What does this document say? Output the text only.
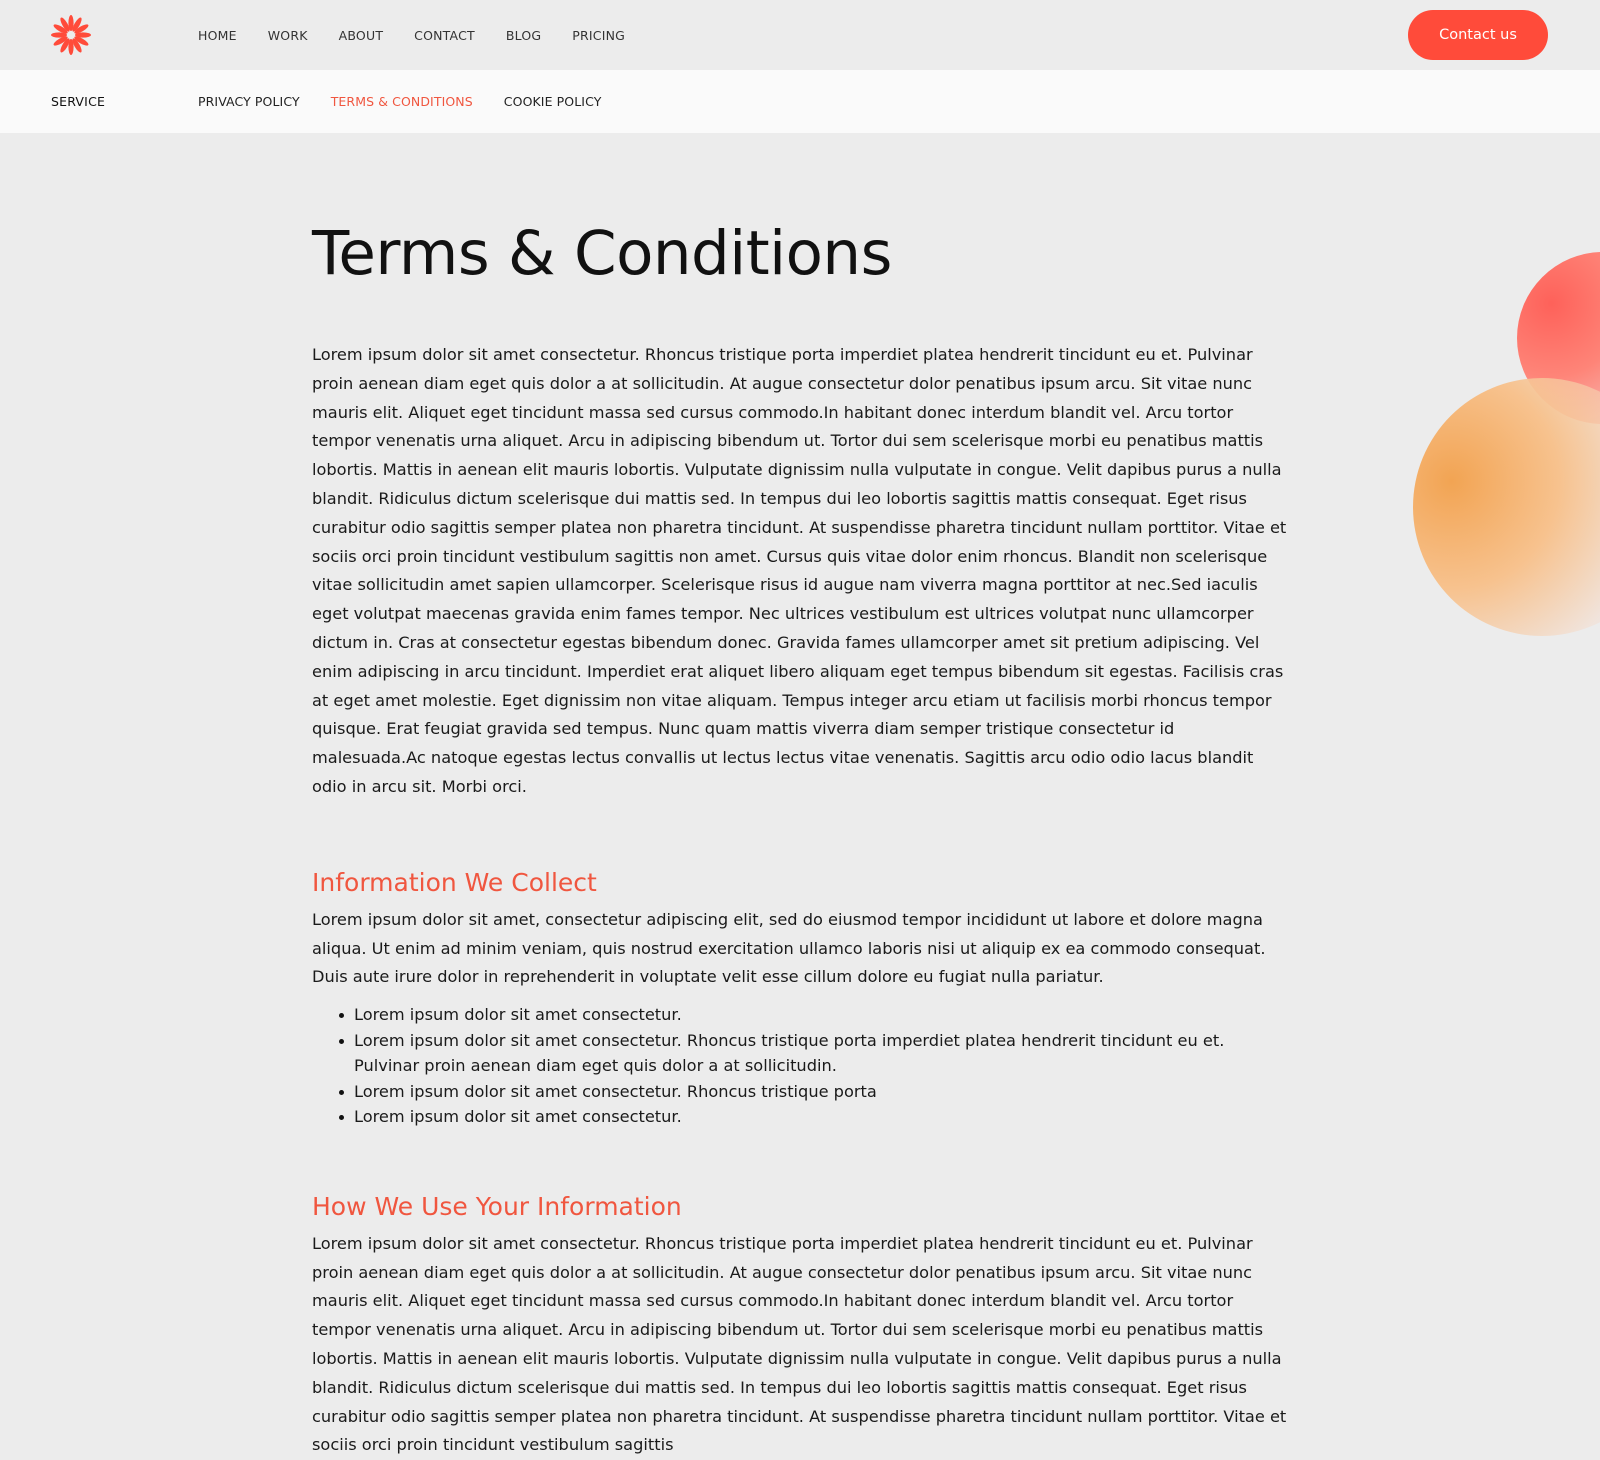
HOME WORK ABOUT CONTACT BLOG PRICING	Contact us
SERVICE	PRIVACY POLICY TERMS & CONDITIONS COOKIE POLICY
Terms & Conditions

Lorem ipsum dolor sit amet consectetur. Rhoncus tristique porta imperdiet platea hendrerit tincidunt eu et. Pulvinar proin aenean diam eget quis dolor a at sollicitudin. At augue consectetur dolor penatibus ipsum arcu. Sit vitae nunc mauris elit. Aliquet eget tincidunt massa sed cursus commodo.In habitant donec interdum blandit vel. Arcu tortor tempor venenatis urna aliquet. Arcu in adipiscing bibendum ut. Tortor dui sem scelerisque morbi eu penatibus mattis lobortis. Mattis in aenean elit mauris lobortis. Vulputate dignissim nulla vulputate in congue. Velit dapibus purus a nulla blandit. Ridiculus dictum scelerisque dui mattis sed. In tempus dui leo lobortis sagittis mattis consequat. Eget risus curabitur odio sagittis semper platea non pharetra tincidunt. At suspendisse pharetra tincidunt nullam porttitor. Vitae et sociis orci proin tincidunt vestibulum sagittis non amet. Cursus quis vitae dolor enim rhoncus. Blandit non scelerisque vitae sollicitudin amet sapien ullamcorper. Scelerisque risus id augue nam viverra magna porttitor at nec.Sed iaculis eget volutpat maecenas gravida enim fames tempor. Nec ultrices vestibulum est ultrices volutpat nunc ullamcorper dictum in. Cras at consectetur egestas bibendum donec. Gravida fames ullamcorper amet sit pretium adipiscing. Vel enim adipiscing in arcu tincidunt. Imperdiet erat aliquet libero aliquam eget tempus bibendum sit egestas. Facilisis cras at eget amet molestie. Eget dignissim non vitae aliquam. Tempus integer arcu etiam ut facilisis morbi rhoncus tempor quisque. Erat feugiat gravida sed tempus. Nunc quam mattis viverra diam semper tristique consectetur id malesuada.Ac natoque egestas lectus convallis ut lectus lectus vitae venenatis. Sagittis arcu odio odio lacus blandit odio in arcu sit. Morbi orci.

Information We Collect

Lorem ipsum dolor sit amet, consectetur adipiscing elit, sed do eiusmod tempor incididunt ut labore et dolore magna aliqua. Ut enim ad minim veniam, quis nostrud exercitation ullamco laboris nisi ut aliquip ex ea commodo consequat. Duis aute irure dolor in reprehenderit in voluptate velit esse cillum dolore eu fugiat nulla pariatur.

Lorem ipsum dolor sit amet consectetur.
Lorem ipsum dolor sit amet consectetur. Rhoncus tristique porta imperdiet platea hendrerit tincidunt eu et. Pulvinar proin aenean diam eget quis dolor a at sollicitudin.
Lorem ipsum dolor sit amet consectetur. Rhoncus tristique porta
Lorem ipsum dolor sit amet consectetur.
How We Use Your Information

Lorem ipsum dolor sit amet consectetur. Rhoncus tristique porta imperdiet platea hendrerit tincidunt eu et. Pulvinar proin aenean diam eget quis dolor a at sollicitudin. At augue consectetur dolor penatibus ipsum arcu. Sit vitae nunc mauris elit. Aliquet eget tincidunt massa sed cursus commodo.In habitant donec interdum blandit vel. Arcu tortor tempor venenatis urna aliquet. Arcu in adipiscing bibendum ut. Tortor dui sem scelerisque morbi eu penatibus mattis lobortis. Mattis in aenean elit mauris lobortis. Vulputate dignissim nulla vulputate in congue. Velit dapibus purus a nulla blandit. Ridiculus dictum scelerisque dui mattis sed. In tempus dui leo lobortis sagittis mattis consequat. Eget risus curabitur odio sagittis semper platea non pharetra tincidunt. At suspendisse pharetra tincidunt nullam porttitor. Vitae et sociis orci proin tincidunt vestibulum sagittis
